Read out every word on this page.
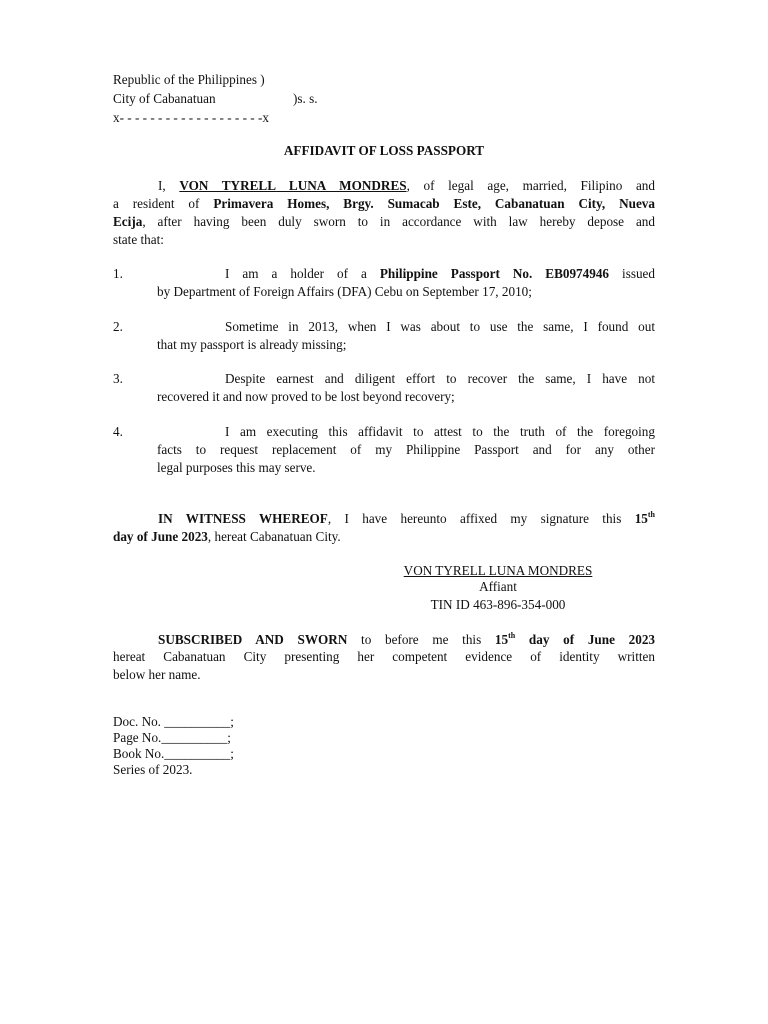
Republic of the Philippines )
City of Cabanatuan	)s. s.
x- - - - - - - - - - - - - - - - - - -x
AFFIDAVIT OF LOSS PASSPORT
I, VON TYRELL LUNA MONDRES, of legal age, married, Filipino and
a resident of Primavera Homes, Brgy. Sumacab Este, Cabanatuan City, Nueva
Ecija, after having been duly sworn to in accordance with law hereby depose and
state that:
1.	I am a holder of a Philippine Passport No. EB0974946 issued
by Department of Foreign Affairs (DFA) Cebu on September 17, 2010;
2.	Sometime in 2013, when I was about to use the same, I found out
that my passport is already missing;
3.	Despite earnest and diligent effort to recover the same, I have not
recovered it and now proved to be lost beyond recovery;
4.	I am executing this affidavit to attest to the truth of the foregoing
facts to request replacement of my Philippine Passport and for any other
legal purposes this may serve.
IN WITNESS WHEREOF, I have hereunto affixed my signature this 15th
day of June 2023, hereat Cabanatuan City.
VON TYRELL LUNA MONDRES
Affiant
TIN ID 463-896-354-000
SUBSCRIBED AND SWORN to before me this 15th day of June 2023
hereat Cabanatuan City presenting her competent evidence of identity written
below her name.
Doc. No. __________;
Page No.__________;
Book No.__________;
Series of 2023.
